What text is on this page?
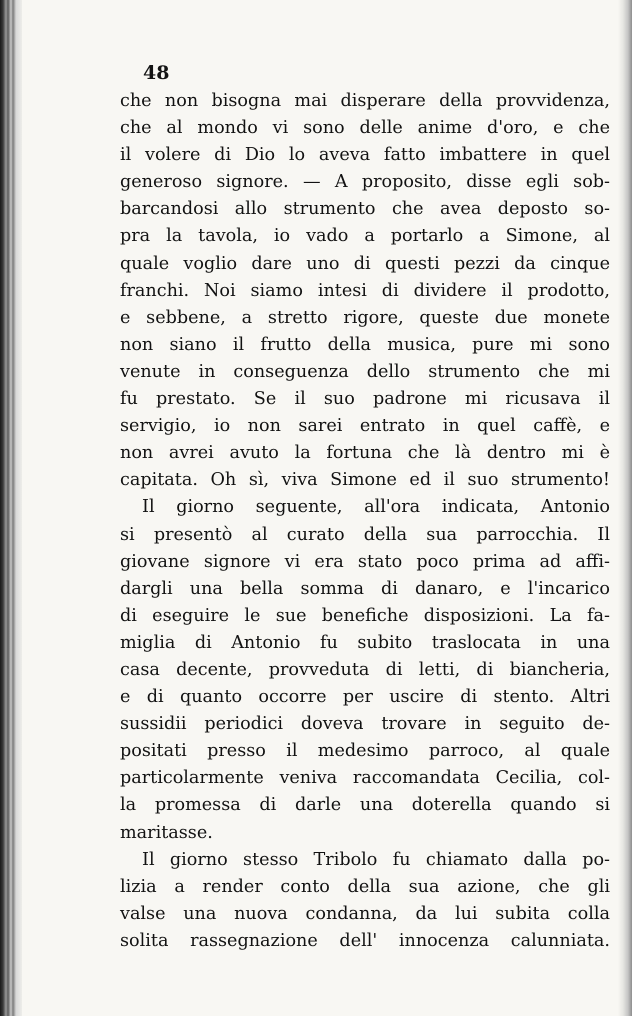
48
che non bisogna mai disperare della provvidenza,
che al mondo vi sono delle anime d'oro, e che
il volere di Dio lo aveva fatto imbattere in quel
generoso signore. — A proposito, disse egli sob-
barcandosi allo strumento che avea deposto so-
pra la tavola, io vado a portarlo a Simone, al
quale voglio dare uno di questi pezzi da cinque
franchi. Noi siamo intesi di dividere il prodotto,
e sebbene, a stretto rigore, queste due monete
non siano il frutto della musica, pure mi sono
venute in conseguenza dello strumento che mi
fu prestato. Se il suo padrone mi ricusava il
servigio, io non sarei entrato in quel caffè, e
non avrei avuto la fortuna che là dentro mi è
capitata. Oh sì, viva Simone ed il suo strumento!
Il giorno seguente, all'ora indicata, Antonio
si presentò al curato della sua parrocchia. Il
giovane signore vi era stato poco prima ad affi-
dargli una bella somma di danaro, e l'incarico
di eseguire le sue benefiche disposizioni. La fa-
miglia di Antonio fu subito traslocata in una
casa decente, provveduta di letti, di biancheria,
e di quanto occorre per uscire di stento. Altri
sussidii periodici doveva trovare in seguito de-
positati presso il medesimo parroco, al quale
particolarmente veniva raccomandata Cecilia, col-
la promessa di darle una doterella quando si
maritasse.
Il giorno stesso Tribolo fu chiamato dalla po-
lizia a render conto della sua azione, che gli
valse una nuova condanna, da lui subita colla
solita rassegnazione dell' innocenza calunniata.
